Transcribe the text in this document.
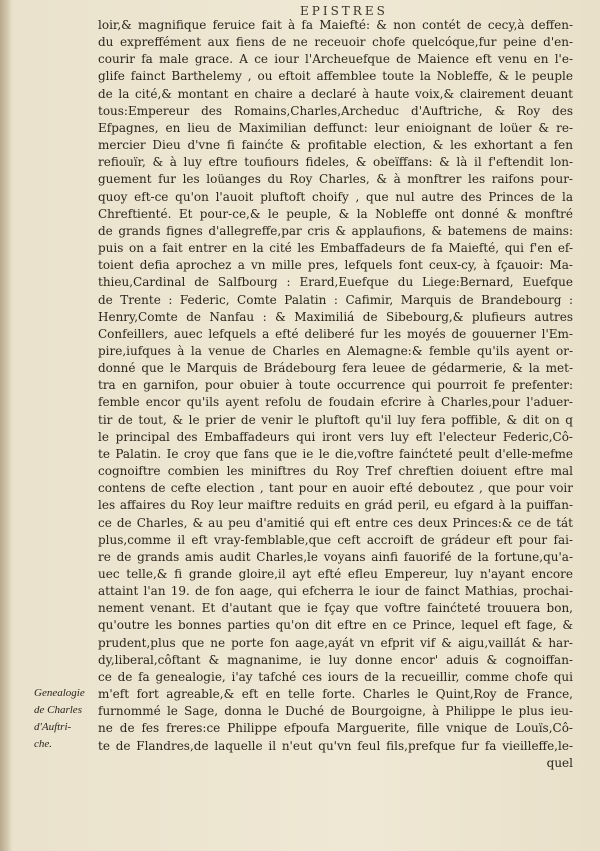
EPISTRES
loir,& magnifique feruice fait à fa Maiefté: & non contét de cecy,à deffen-
du expreffément aux fiens de ne receuoir chofe quelcóque,fur peine d'en-
courir fa male grace. A ce iour l'Archeuefque de Maience eft venu en l'e-
glife fainct Barthelemy , ou eftoit affemblee toute la Nobleffe, & le peuple
de la cité,& montant en chaire a declaré à haute voix,& clairement deuant
tous:Empereur des Romains,Charles,Archeduc d'Auftriche, & Roy des
Efpagnes, en lieu de Maximilian deffunct: leur enioignant de loüer & re-
mercier Dieu d'vne fi fainćte & profitable election, & les exhortant a fen
refiouïr, & à luy eftre toufiours fideles, & obeïffans: & là il f'eftendit lon-
guement fur les loüanges du Roy Charles, & à monftrer les raifons pour-
quoy eft-ce qu'on l'auoit pluftoft choify , que nul autre des Princes de la
Chreftienté. Et pour-ce,& le peuple, & la Nobleffe ont donné & monftré
de grands fignes d'allegreffe,par cris & applaufions, & batemens de mains:
puis on a fait entrer en la cité les Embaffadeurs de fa Maiefté, qui f'en ef-
toient defia aprochez a vn mille pres, lefquels font ceux-cy, à fçauoir: Ma-
thieu,Cardinal de Salfbourg : Erard,Euefque du Liege:Bernard, Euefque
de Trente : Federic, Comte Palatin : Cafimir, Marquis de Brandebourg :
Henry,Comte de Nanfau : & Maximiliá de Sibebourg,& plufieurs autres
Confeillers, auec lefquels a efté deliberé fur les moyés de gouuerner l'Em-
pire,iufques à la venue de Charles en Alemagne:& femble qu'ils ayent or-
donné que le Marquis de Brádebourg fera leuee de gédarmerie, & la met-
tra en garnifon, pour obuier à toute occurrence qui pourroit fe prefenter:
femble encor qu'ils ayent refolu de foudain efcrire à Charles,pour l'aduer-
tir de tout, & le prier de venir le pluftoft qu'il luy fera poffible, & dit on q
le principal des Embaffadeurs qui iront vers luy eft l'electeur Federic,Cô-
te Palatin. Ie croy que fans que ie le die,voftre fainćteté peult d'elle-mefme
cognoiftre combien les miniftres du Roy Tref chreftien doiuent eftre mal
contens de cefte election , tant pour en auoir efté deboutez , que pour voir
les affaires du Roy leur maiftre reduits en grád peril, eu efgard à la puiffan-
ce de Charles, & au peu d'amitié qui eft entre ces deux Princes:& ce de tát
plus,comme il eft vray-femblable,que ceft accroift de grádeur eft pour fai-
re de grands amis audit Charles,le voyans ainfi fauorifé de la fortune,qu'a-
uec telle,& fi grande gloire,il ayt efté efleu Empereur, luy n'ayant encore
attaint l'an 19. de fon aage, qui efcherra le iour de fainct Mathias, prochai-
nement venant. Et d'autant que ie fçay que voftre fainćteté trouuera bon,
qu'outre les bonnes parties qu'on dit eftre en ce Prince, lequel eft fage, &
prudent,plus que ne porte fon aage,ayát vn efprit vif & aigu,vaillát & har-
dy,liberal,côftant & magnanime, ie luy donne encor' aduis & cognoiffan-
ce de fa genealogie, i'ay tafché ces iours de la recueillir, comme chofe qui
m'eft fort agreable,& eft en telle forte. Charles le Quint,Roy de France,
furnommé le Sage, donna le Duché de Bourgoigne, à Philippe le plus ieu-
ne de fes freres:ce Philippe efpoufa Marguerite, fille vnique de Louïs,Cô-
te de Flandres,de laquelle il n'eut qu'vn feul fils,prefque fur fa vieilleffe,le-
quel
Genealogie
de Charles
d'Auftri-
che.
